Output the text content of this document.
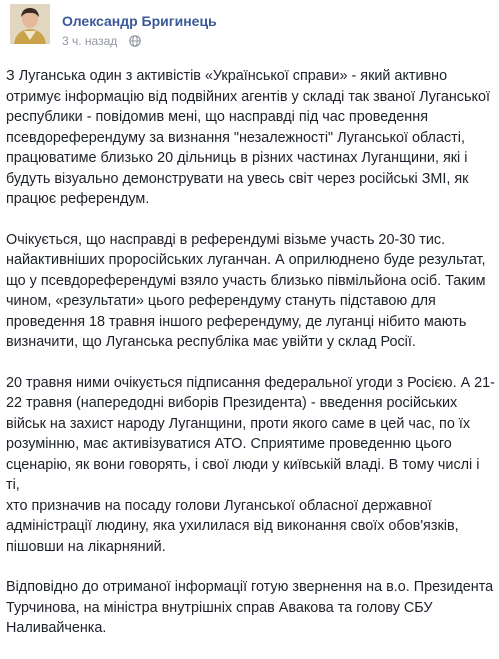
Олександр Бригинець
3 ч. назад

З Луганська один з активістів «Української справи» - який активно
отримує інформацію від подвійних агентів у складі так званої Луганської
республики - повідомив мені, що насправді під час проведення
псевдореферендуму за визнання "незалежності" Луганської області,
працюватиме близько 20 дільниць в різних частинах Луганщини, які і
будуть візуально демонструвати на увесь світ через російські ЗМІ, як
працює референдум.

Очікується, що насправді в референдумі візьме участь 20-30 тис.
найактивніших проросійських луганчан. А оприлюднено буде результат,
що у псевдореферендумі взяло участь близько півмільйона осіб. Таким
чином, «результати» цього референдуму стануть підставою для
проведення 18 травня іншого референдуму, де луганці нібито мають
визначити, що Луганська республіка має увійти у склад Росії.

20 травня ними очікується підписання федеральної угоди з Росією. А 21-
22 травня (напередодні виборів Президента) - введення російських
військ на захист народу Луганщини, проти якого саме в цей час, по їх
розумінню, має активізуватися АТО. Сприятиме проведенню цього
сценарію, як вони говорять, і свої люди у київській владі. В тому числі і ті,
хто призначив на посаду голови Луганської обласної державної
адміністрації людину, яка ухилилася від виконання своїх обов'язків,
пішовши на лікарняний.

Відповідно до отриманої інформації готую звернення на в.о. Президента
Турчинова, на міністра внутрішніх справ Авакова та голову СБУ
Наливайченка.
